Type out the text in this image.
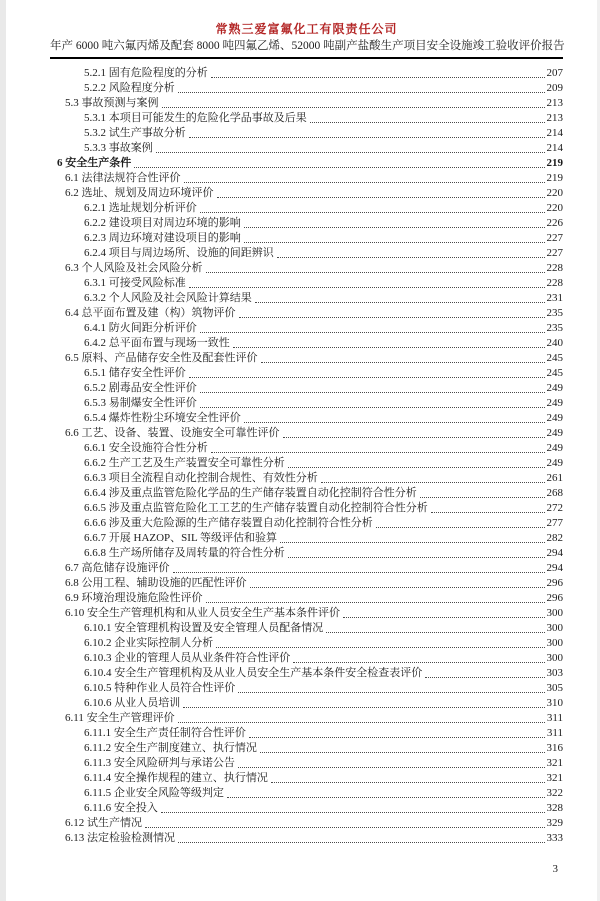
常熟三爱富氟化工有限责任公司
年产 6000 吨六氟丙烯及配套 8000 吨四氟乙烯、52000 吨副产盐酸生产项目安全设施竣工验收评价报告
5.2.1 固有危险程度的分析	207
5.2.2 风险程度分析	209
5.3 事故预测与案例	213
5.3.1 本项目可能发生的危险化学品事故及后果	213
5.3.2 试生产事故分析	214
5.3.3 事故案例	214
6 安全生产条件	219
6.1 法律法规符合性评价	219
6.2 选址、规划及周边环境评价	220
6.2.1 选址规划分析评价	220
6.2.2 建设项目对周边环境的影响	226
6.2.3 周边环境对建设项目的影响	227
6.2.4 项目与周边场所、设施的间距辨识	227
6.3 个人风险及社会风险分析	228
6.3.1 可接受风险标准	228
6.3.2 个人风险及社会风险计算结果	231
6.4 总平面布置及建（构）筑物评价	235
6.4.1 防火间距分析评价	235
6.4.2 总平面布置与现场一致性	240
6.5 原料、产品储存安全性及配套性评价	245
6.5.1 储存安全性评价	245
6.5.2 剧毒品安全性评价	249
6.5.3 易制爆安全性评价	249
6.5.4 爆炸性粉尘环境安全性评价	249
6.6 工艺、设备、装置、设施安全可靠性评价	249
6.6.1 安全设施符合性分析	249
6.6.2 生产工艺及生产装置安全可靠性分析	249
6.6.3 项目全流程自动化控制合规性、有效性分析	261
6.6.4 涉及重点监管危险化学品的生产储存装置自动化控制符合性分析	268
6.6.5 涉及重点监管危险化工工艺的生产储存装置自动化控制符合性分析	272
6.6.6 涉及重大危险源的生产储存装置自动化控制符合性分析	277
6.6.7 开展 HAZOP、SIL 等级评估和验算	282
6.6.8 生产场所储存及周转量的符合性分析	294
6.7 高危储存设施评价	294
6.8 公用工程、辅助设施的匹配性评价	296
6.9 环境治理设施危险性评价	296
6.10 安全生产管理机构和从业人员安全生产基本条件评价	300
6.10.1 安全管理机构设置及安全管理人员配备情况	300
6.10.2 企业实际控制人分析	300
6.10.3 企业的管理人员从业条件符合性评价	300
6.10.4 安全生产管理机构及从业人员安全生产基本条件安全检查表评价	303
6.10.5 特种作业人员符合性评价	305
6.10.6 从业人员培训	310
6.11 安全生产管理评价	311
6.11.1 安全生产责任制符合性评价	311
6.11.2 安全生产制度建立、执行情况	316
6.11.3 安全风险研判与承诺公告	321
6.11.4 安全操作规程的建立、执行情况	321
6.11.5 企业安全风险等级判定	322
6.11.6 安全投入	328
6.12 试生产情况	329
6.13 法定检验检测情况	333
3
